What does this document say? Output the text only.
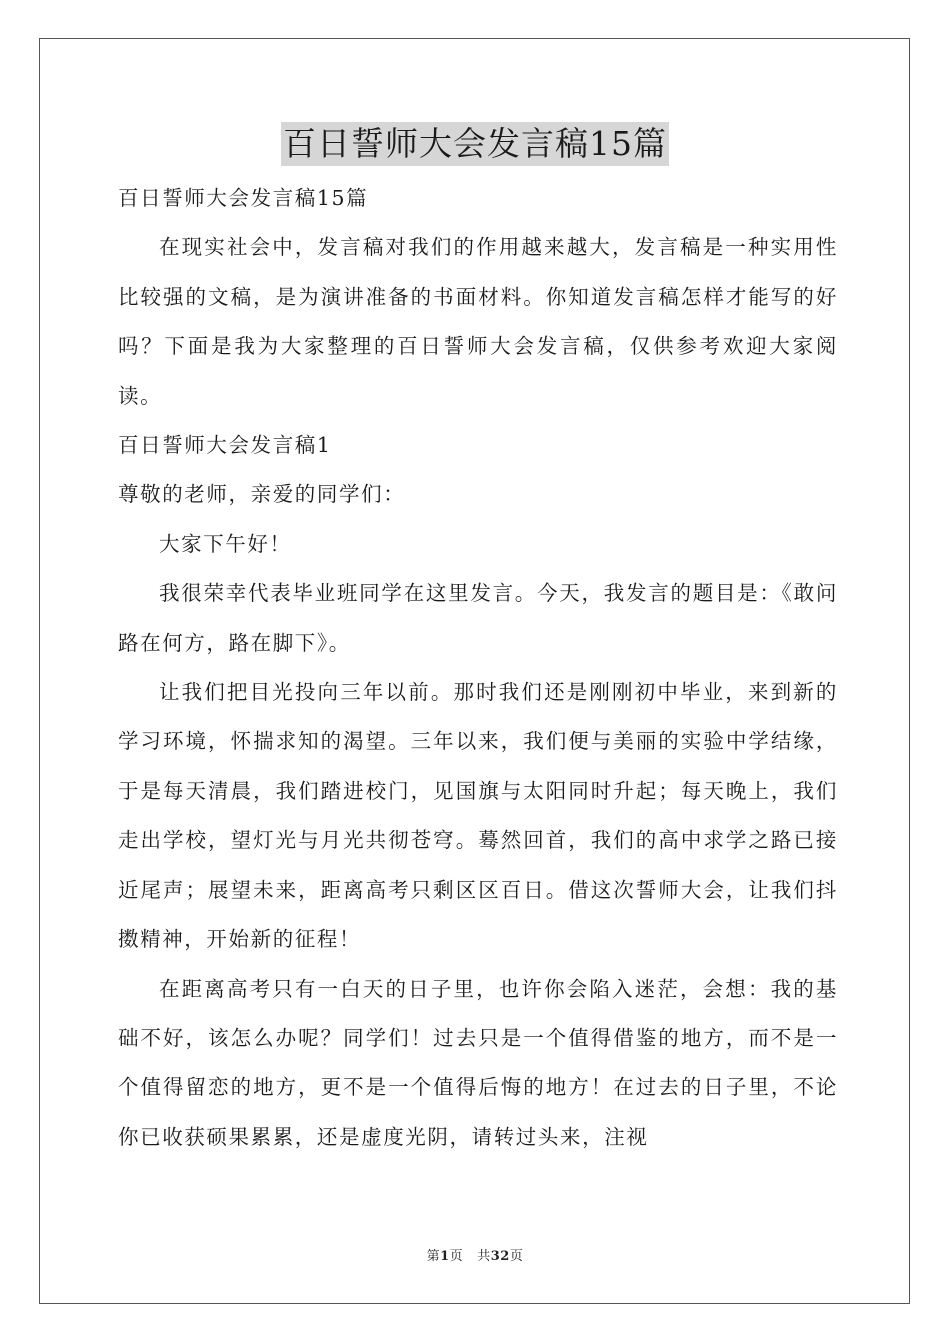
百日誓师大会发言稿15篇

百日誓师大会发言稿15篇

在现实社会中，发言稿对我们的作用越来越大，发言稿是一种实用性比较强的文稿，是为演讲准备的书面材料。你知道发言稿怎样才能写的好吗？下面是我为大家整理的百日誓师大会发言稿，仅供参考欢迎大家阅读。

百日誓师大会发言稿1

尊敬的老师，亲爱的同学们：

大家下午好！

我很荣幸代表毕业班同学在这里发言。今天，我发言的题目是：《敢问路在何方，路在脚下》。

让我们把目光投向三年以前。那时我们还是刚刚初中毕业，来到新的学习环境，怀揣求知的渴望。三年以来，我们便与美丽的实验中学结缘，于是每天清晨，我们踏进校门，见国旗与太阳同时升起；每天晚上，我们走出学校，望灯光与月光共彻苍穹。蓦然回首，我们的高中求学之路已接近尾声；展望未来，距离高考只剩区区百日。借这次誓师大会，让我们抖擞精神，开始新的征程！

在距离高考只有一白天的日子里，也许你会陷入迷茫，会想：我的基础不好，该怎么办呢？同学们！过去只是一个值得借鉴的地方，而不是一个值得留恋的地方，更不是一个值得后悔的地方！在过去的日子里，不论你已收获硕果累累，还是虚度光阴，请转过头来，注视

第1页 共32页
